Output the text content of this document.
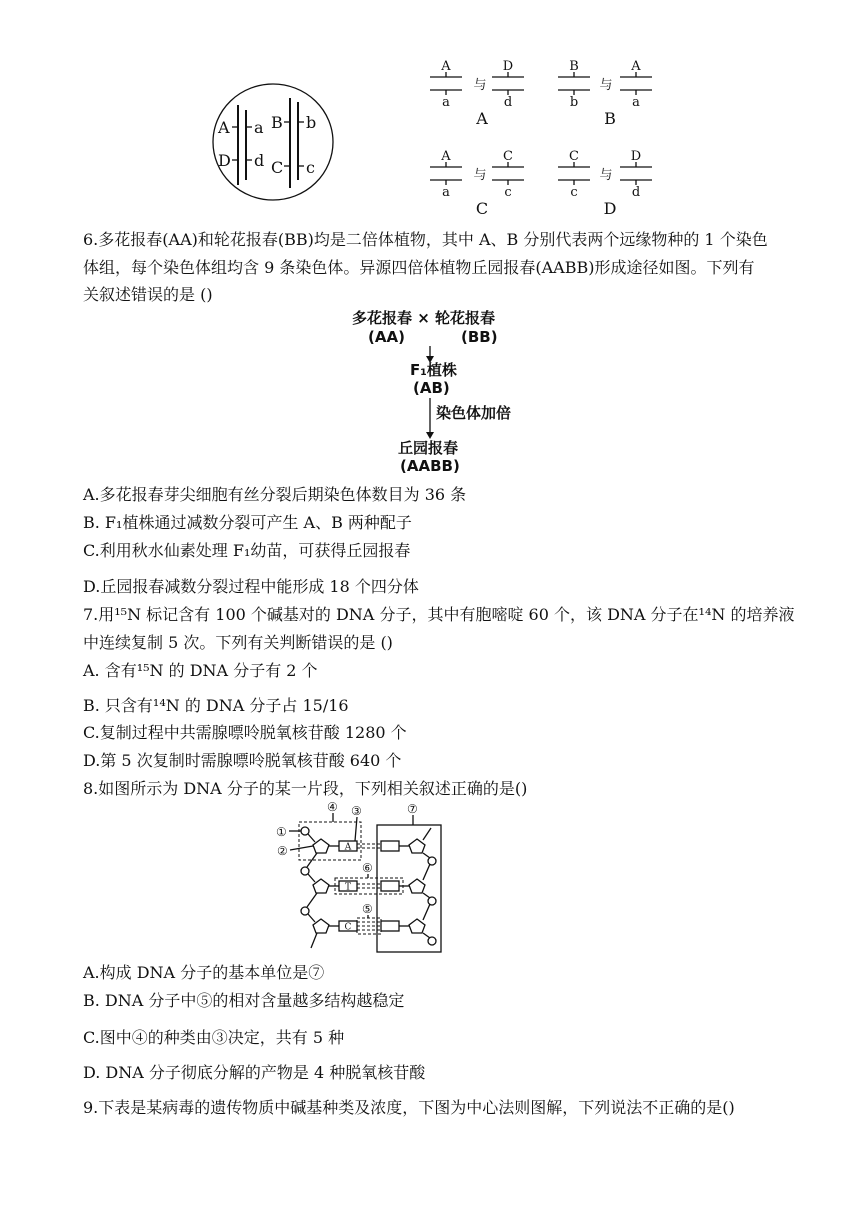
A a B b
D d C c
A
a
与
D
d
A
B
b
与
A
a
B
A
a
与
C
c
C
C
c
与
D
d
D
6.多花报春(AA)和轮花报春(BB)均是二倍体植物，其中 A、B 分别代表两个远缘物种的 1 个染色
体组，每个染色体组均含 9 条染色体。异源四倍体植物丘园报春(AABB)形成途径如图。下列有
关叙述错误的是 ()
多花报春 × 轮花报春
(AA)	(BB)
F₁植株
(AB)
染色体加倍
丘园报春
(AABB)
A.多花报春芽尖细胞有丝分裂后期染色体数目为 36 条
B. F₁植株通过减数分裂可产生 A、B 两种配子
C.利用秋水仙素处理 F₁幼苗，可获得丘园报春
D.丘园报春减数分裂过程中能形成 18 个四分体
7.用¹⁵N 标记含有 100 个碱基对的 DNA 分子，其中有胞嘧啶 60 个，该 DNA 分子在¹⁴N 的培养液
中连续复制 5 次。下列有关判断错误的是 ()
A. 含有¹⁵N 的 DNA 分子有 2 个
B. 只含有¹⁴N 的 DNA 分子占 15/16
C.复制过程中共需腺嘌呤脱氧核苷酸 1280 个
D.第 5 次复制时需腺嘌呤脱氧核苷酸 640 个
8.如图所示为 DNA 分子的某一片段，下列相关叙述正确的是()
A
T
C
①
②
④ ③	⑦
⑥
⑤
A.构成 DNA 分子的基本单位是⑦
B. DNA 分子中⑤的相对含量越多结构越稳定
C.图中④的种类由③决定，共有 5 种
D. DNA 分子彻底分解的产物是 4 种脱氧核苷酸
9.下表是某病毒的遗传物质中碱基种类及浓度，下图为中心法则图解，下列说法不正确的是()
